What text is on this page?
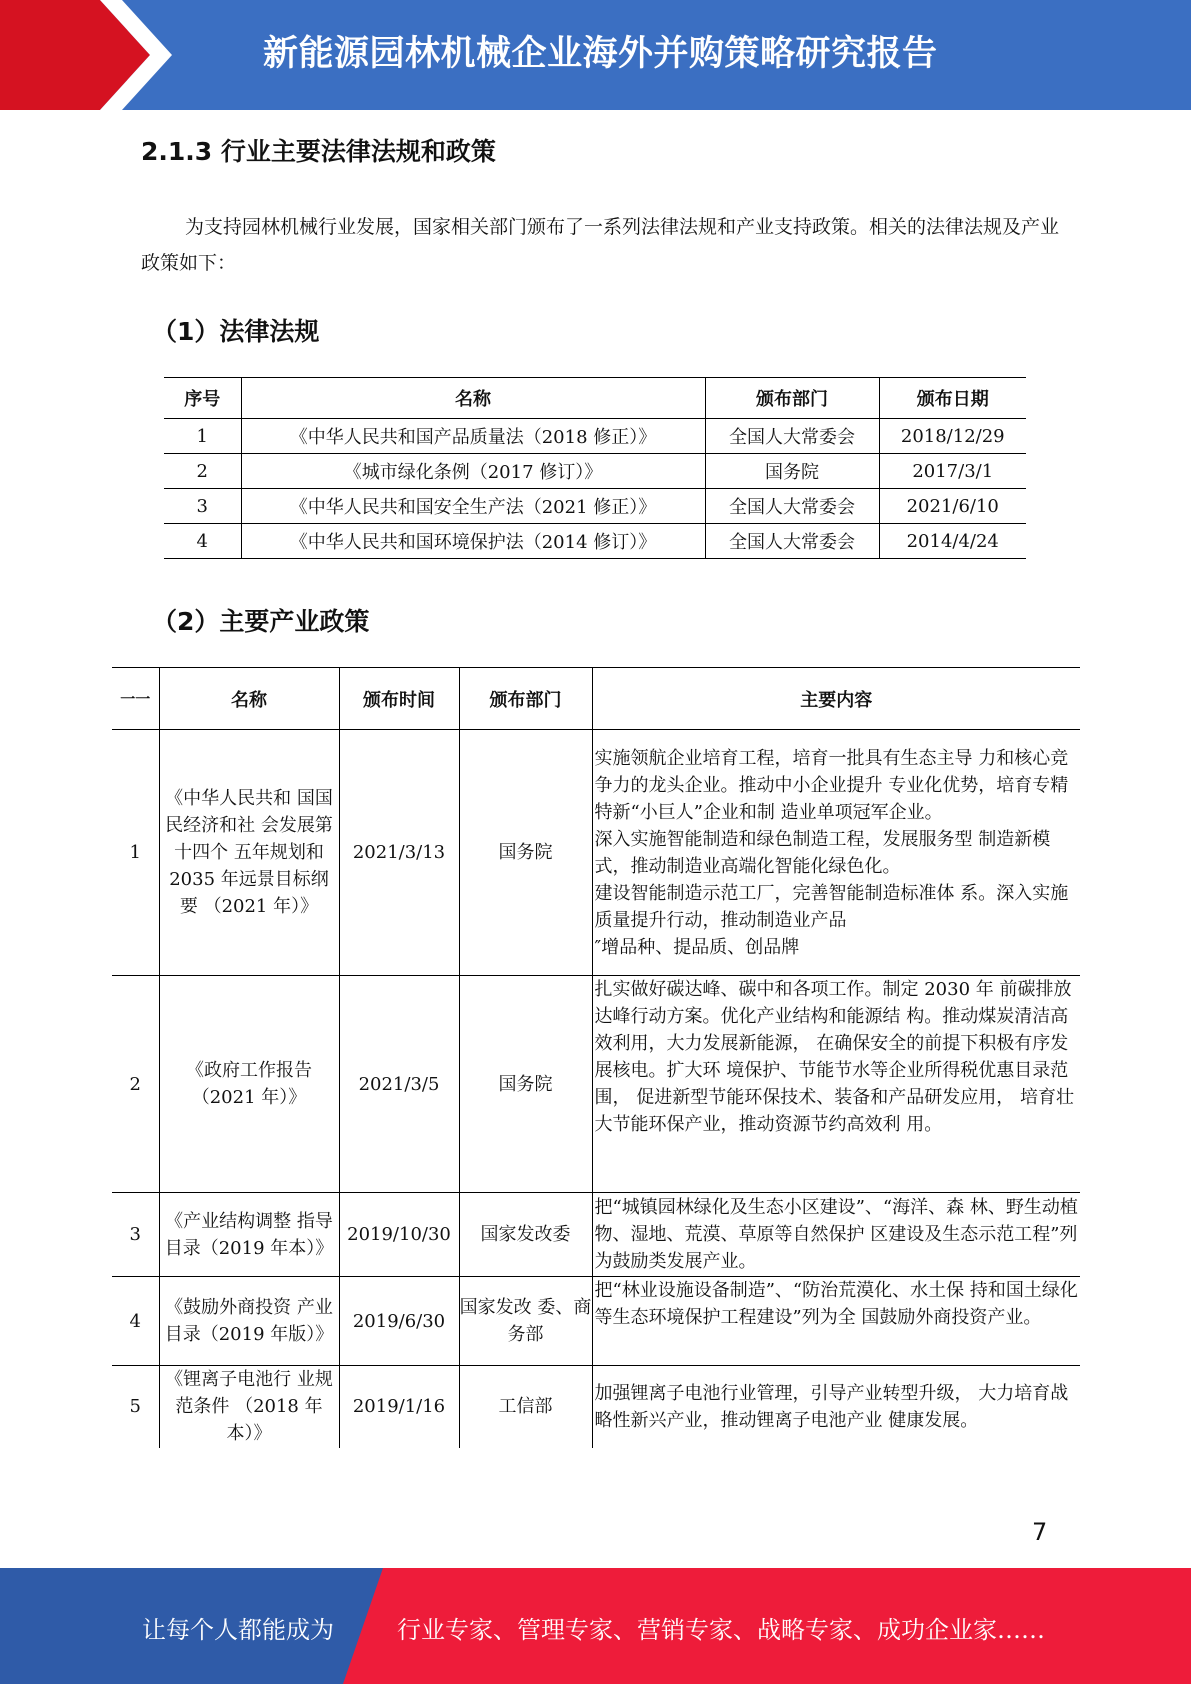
新能源园林机械企业海外并购策略研究报告
2.1.3 行业主要法律法规和政策
为支持园林机械行业发展，国家相关部门颁布了一系列法律法规和产业支持政策。相关的法律法规及产业政策如下：
（1）法律法规
序号	名称	颁布部门	颁布日期
1	《中华人民共和国产品质量法（2018 修正）》	全国人大常委会	2018/12/29
2	《城市绿化条例（2017 修订）》	国务院	2017/3/1
3	《中华人民共和国安全生产法（2021 修正）》	全国人大常委会	2021/6/10
4	《中华人民共和国环境保护法（2014 修订）》	全国人大常委会	2014/4/24
（2）主要产业政策
一一	名称	颁布时间	颁布部门	主要内容
1	《中华人民共和 国国民经济和社 会发展第十四个 五年规划和 2035 年远景目标纲要 （2021 年）》	2021/3/13	国务院	实施领航企业培育工程，培育一批具有生态主导 力和核心竞争力的龙头企业。推动中小企业提升 专业化优势，培育专精特新“小巨人”企业和制 造业单项冠军企业。
深入实施智能制造和绿色制造工程，发展服务型 制造新模式，推动制造业高端化智能化绿色化。
建设智能制造示范工厂，完善智能制造标准体 系。深入实施质量提升行动，推动制造业产品
″增品种、提品质、创品牌
2	《政府工作报告（2021 年）》	2021/3/5	国务院	扎实做好碳达峰、碳中和各项工作。制定 2030 年 前碳排放达峰行动方案。优化产业结构和能源结 构。推动煤炭清洁高效利用，大力发展新能源， 在确保安全的前提下积极有序发展核电。扩大环 境保护、节能节水等企业所得税优惠目录范围， 促进新型节能环保技术、装备和产品研发应用， 培育壮大节能环保产业，推动资源节约高效利 用。
3	《产业结构调整 指导目录（2019 年本）》	2019/10/30	国家发改委	把“城镇园林绿化及生态小区建设”、“海洋、森 林、野生动植物、湿地、荒漠、草原等自然保护 区建设及生态示范工程”列为鼓励类发展产业。
4	《鼓励外商投资 产业目录（2019 年版）》	2019/6/30	国家发改 委、商务部	把“林业设施设备制造”、“防治荒漠化、水土保 持和国土绿化等生态环境保护工程建设”列为全 国鼓励外商投资产业。
5	《锂离子电池行 业规范条件 （2018 年本）》	2019/1/16	工信部	加强锂离子电池行业管理，引导产业转型升级， 大力培育战略性新兴产业，推动锂离子电池产业 健康发展。
7
让每个人都能成为	行业专家、管理专家、营销专家、战略专家、成功企业家……
